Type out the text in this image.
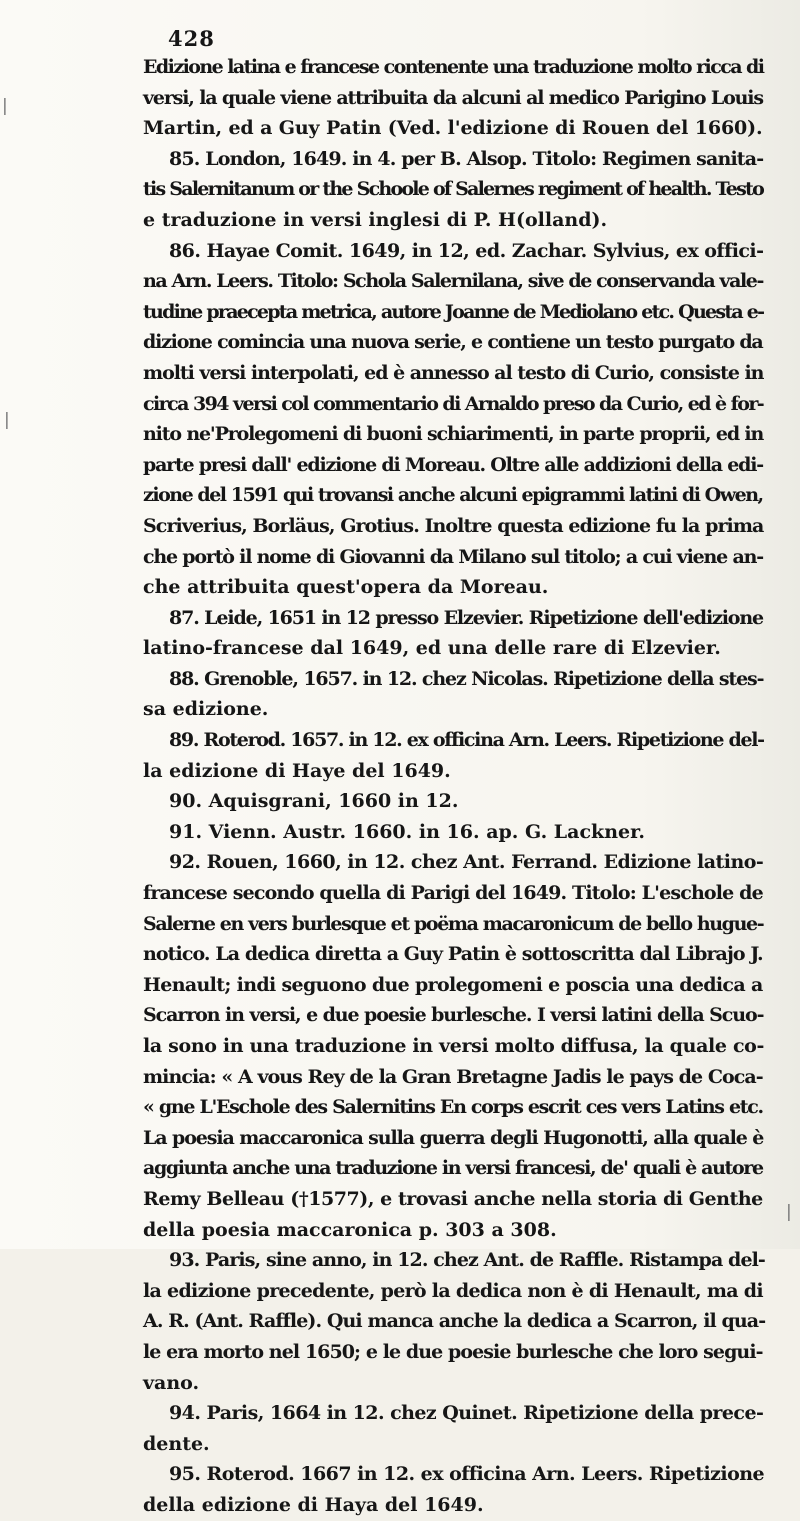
428
Edizione latina e francese contenente una traduzione molto ricca di
versi, la quale viene attribuita da alcuni al medico Parigino Louis
Martin, ed a Guy Patin (Ved. l'edizione di Rouen del 1660).
85. London, 1649. in 4. per B. Alsop. Titolo: Regimen sanita-
tis Salernitanum or the Schoole of Salernes regiment of health. Testo
e traduzione in versi inglesi di P. H(olland).
86. Hayae Comit. 1649, in 12, ed. Zachar. Sylvius, ex offici-
na Arn. Leers. Titolo: Schola Salernilana, sive de conservanda vale-
tudine praecepta metrica, autore Joanne de Mediolano etc. Questa e-
dizione comincia una nuova serie, e contiene un testo purgato da
molti versi interpolati, ed è annesso al testo di Curio, consiste in
circa 394 versi col commentario di Arnaldo preso da Curio, ed è for-
nito ne'Prolegomeni di buoni schiarimenti, in parte proprii, ed in
parte presi dall' edizione di Moreau. Oltre alle addizioni della edi-
zione del 1591 qui trovansi anche alcuni epigrammi latini di Owen,
Scriverius, Borläus, Grotius. Inoltre questa edizione fu la prima
che portò il nome di Giovanni da Milano sul titolo; a cui viene an-
che attribuita quest'opera da Moreau.
87. Leide, 1651 in 12 presso Elzevier. Ripetizione dell'edizione
latino-francese dal 1649, ed una delle rare di Elzevier.
88. Grenoble, 1657. in 12. chez Nicolas. Ripetizione della stes-
sa edizione.
89. Roterod. 1657. in 12. ex officina Arn. Leers. Ripetizione del-
la edizione di Haye del 1649.
90. Aquisgrani, 1660 in 12.
91. Vienn. Austr. 1660. in 16. ap. G. Lackner.
92. Rouen, 1660, in 12. chez Ant. Ferrand. Edizione latino-
francese secondo quella di Parigi del 1649. Titolo: L'eschole de
Salerne en vers burlesque et poëma macaronicum de bello hugue-
notico. La dedica diretta a Guy Patin è sottoscritta dal Librajo J.
Henault; indi seguono due prolegomeni e poscia una dedica a
Scarron in versi, e due poesie burlesche. I versi latini della Scuo-
la sono in una traduzione in versi molto diffusa, la quale co-
mincia: « A vous Rey de la Gran Bretagne Jadis le pays de Coca-
« gne L'Eschole des Salernitins En corps escrit ces vers Latins etc.
La poesia maccaronica sulla guerra degli Hugonotti, alla quale è
aggiunta anche una traduzione in versi francesi, de' quali è autore
Remy Belleau (†1577), e trovasi anche nella storia di Genthe
della poesia maccaronica p. 303 a 308.
93. Paris, sine anno, in 12. chez Ant. de Raffle. Ristampa del-
la edizione precedente, però la dedica non è di Henault, ma di
A. R. (Ant. Raffle). Qui manca anche la dedica a Scarron, il qua-
le era morto nel 1650; e le due poesie burlesche che loro segui-
vano.
94. Paris, 1664 in 12. chez Quinet. Ripetizione della prece-
dente.
95. Roterod. 1667 in 12. ex officina Arn. Leers. Ripetizione
della edizione di Haya del 1649.
|
|
|
